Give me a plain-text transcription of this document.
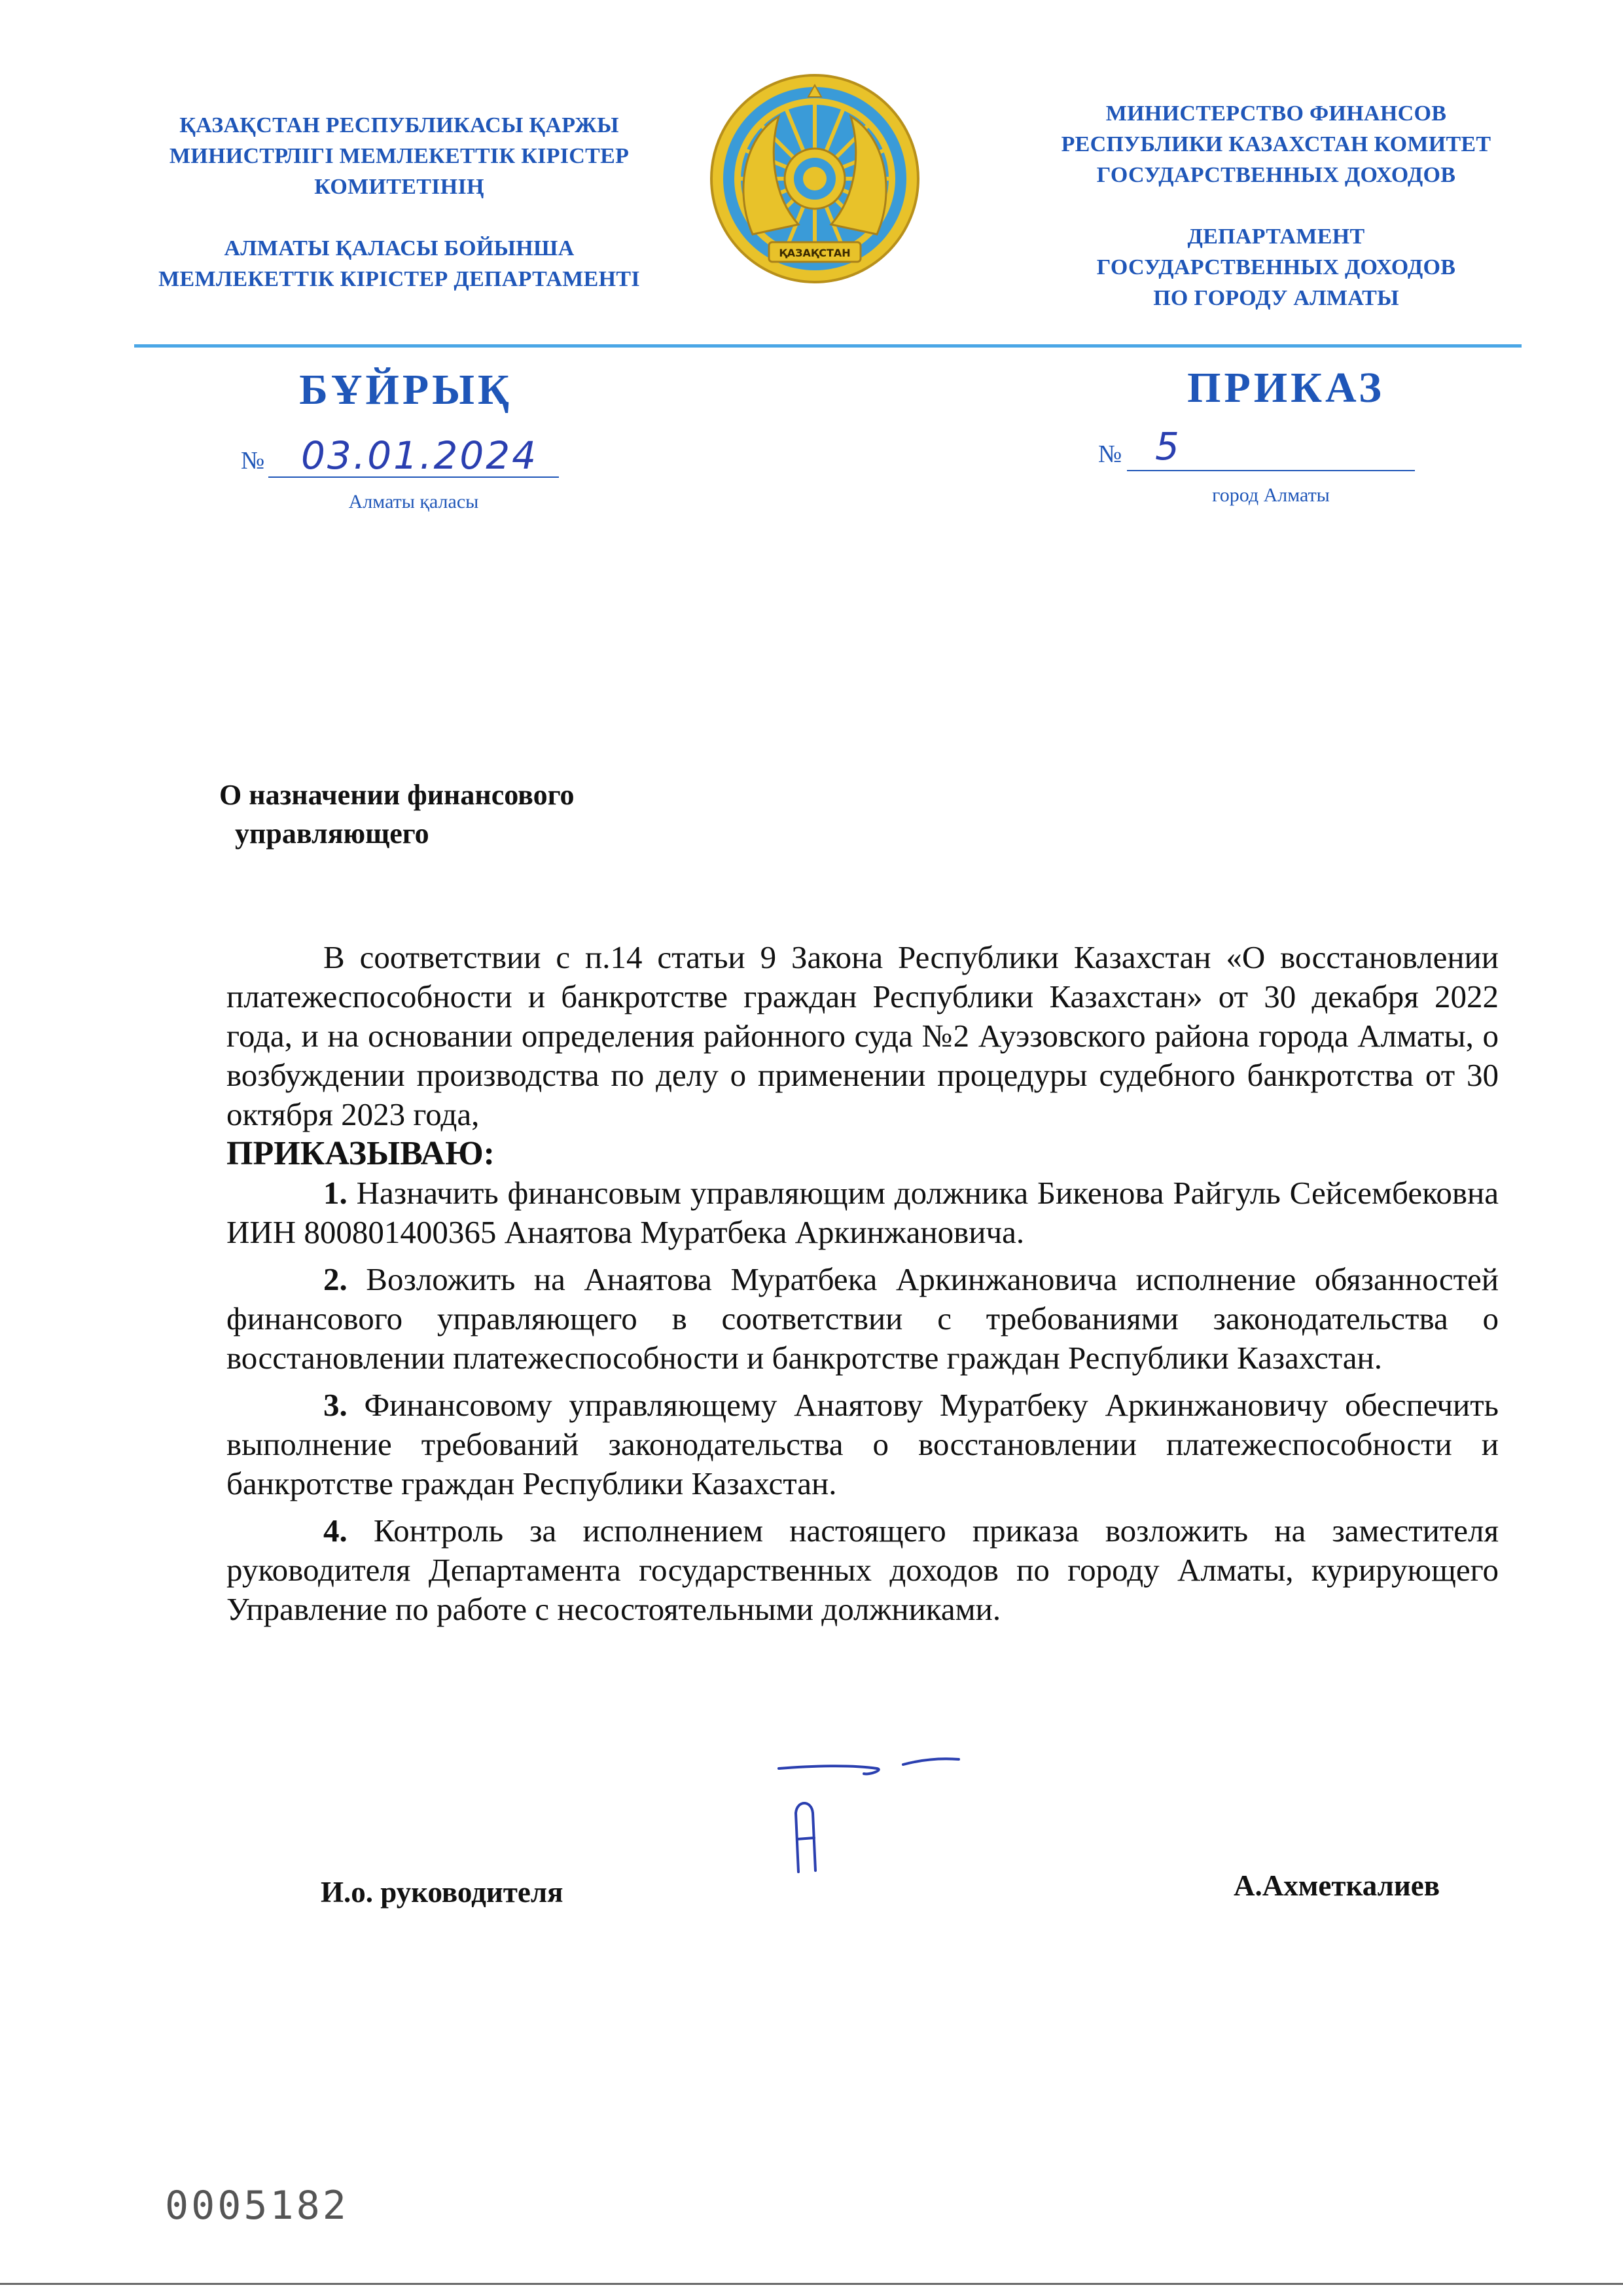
ҚАЗАҚСТАН РЕСПУБЛИКАСЫ ҚАРЖЫ
МИНИСТРЛІГІ МЕМЛЕКЕТТІК КІРІСТЕР
КОМИТЕТІНІҢ
АЛМАТЫ ҚАЛАСЫ БОЙЫНША
МЕМЛЕКЕТТІК КІРІСТЕР ДЕПАРТАМЕНТІ
ҚАЗАҚСТАН
МИНИСТЕРСТВО ФИНАНСОВ
РЕСПУБЛИКИ КАЗАХСТАН КОМИТЕТ
ГОСУДАРСТВЕННЫХ ДОХОДОВ
ДЕПАРТАМЕНТ
ГОСУДАРСТВЕННЫХ ДОХОДОВ
ПО ГОРОДУ АЛМАТЫ
БҰЙРЫҚ	ПРИКАЗ
№ 03.01.2024
Алматы қаласы
№ 5
город Алматы
О назначении финансового
управляющего

В соответствии с п.14 статьи 9 Закона Республики Казахстан «О восстановлении платежеспособности и банкротстве граждан Республики Казахстан» от 30 декабря 2022 года, и на основании определения районного суда №2 Ауэзовского района города Алматы, о возбуждении производства по делу о применении процедуры судебного банкротства от 30 октября 2023 года,

ПРИКАЗЫВАЮ:

1. Назначить финансовым управляющим должника Бикенова Райгуль Сейсембековна ИИН 800801400365 Анаятова Муратбека Аркинжановича.

2. Возложить на Анаятова Муратбека Аркинжановича исполнение обязанностей финансового управляющего в соответствии с требованиями законодательства о восстановлении платежеспособности и банкротстве граждан Республики Казахстан.

3. Финансовому управляющему Анаятову Муратбеку Аркинжановичу обеспечить выполнение требований законодательства о восстановлении платежеспособности и банкротстве граждан Республики Казахстан.

4. Контроль за исполнением настоящего приказа возложить на заместителя руководителя Департамента государственных доходов по городу Алматы, курирующего Управление по работе с несостоятельными должниками.

И.о. руководителя	А.Ахметкалиев
0005182
